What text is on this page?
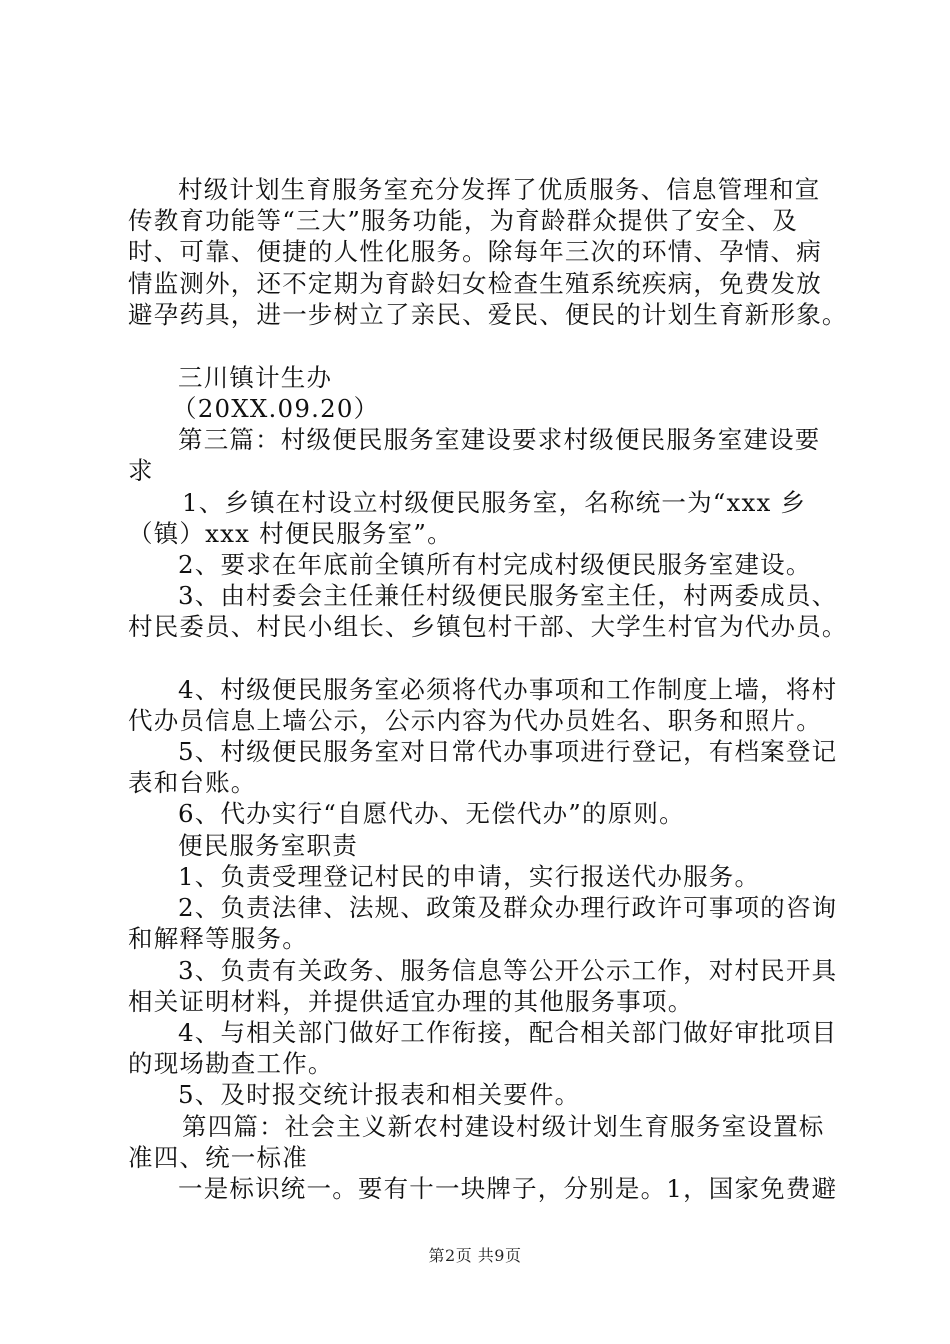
村级计划生育服务室充分发挥了优质服务、信息管理和宣
传教育功能等“三大”服务功能，为育龄群众提供了安全、及
时、可靠、便捷的人性化服务。除每年三次的环情、孕情、病
情监测外，还不定期为育龄妇女检查生殖系统疾病，免费发放
避孕药具，进一步树立了亲民、爱民、便民的计划生育新形象。
三川镇计生办
（20XX.09.20）
第三篇：村级便民服务室建设要求村级便民服务室建设要
求
1、乡镇在村设立村级便民服务室，名称统一为“xxx 乡
（镇）xxx 村便民服务室”。
2、要求在年底前全镇所有村完成村级便民服务室建设。
3、由村委会主任兼任村级便民服务室主任，村两委成员、
村民委员、村民小组长、乡镇包村干部、大学生村官为代办员。
4、村级便民服务室必须将代办事项和工作制度上墙，将村
代办员信息上墙公示，公示内容为代办员姓名、职务和照片。
5、村级便民服务室对日常代办事项进行登记，有档案登记
表和台账。
6、代办实行“自愿代办、无偿代办”的原则。
便民服务室职责
1、负责受理登记村民的申请，实行报送代办服务。
2、负责法律、法规、政策及群众办理行政许可事项的咨询
和解释等服务。
3、负责有关政务、服务信息等公开公示工作，对村民开具
相关证明材料，并提供适宜办理的其他服务事项。
4、与相关部门做好工作衔接，配合相关部门做好审批项目
的现场勘查工作。
5、及时报交统计报表和相关要件。
第四篇：社会主义新农村建设村级计划生育服务室设置标
准四、统一标准
一是标识统一。要有十一块牌子，分别是。1，国家免费避
第2页 共9页
